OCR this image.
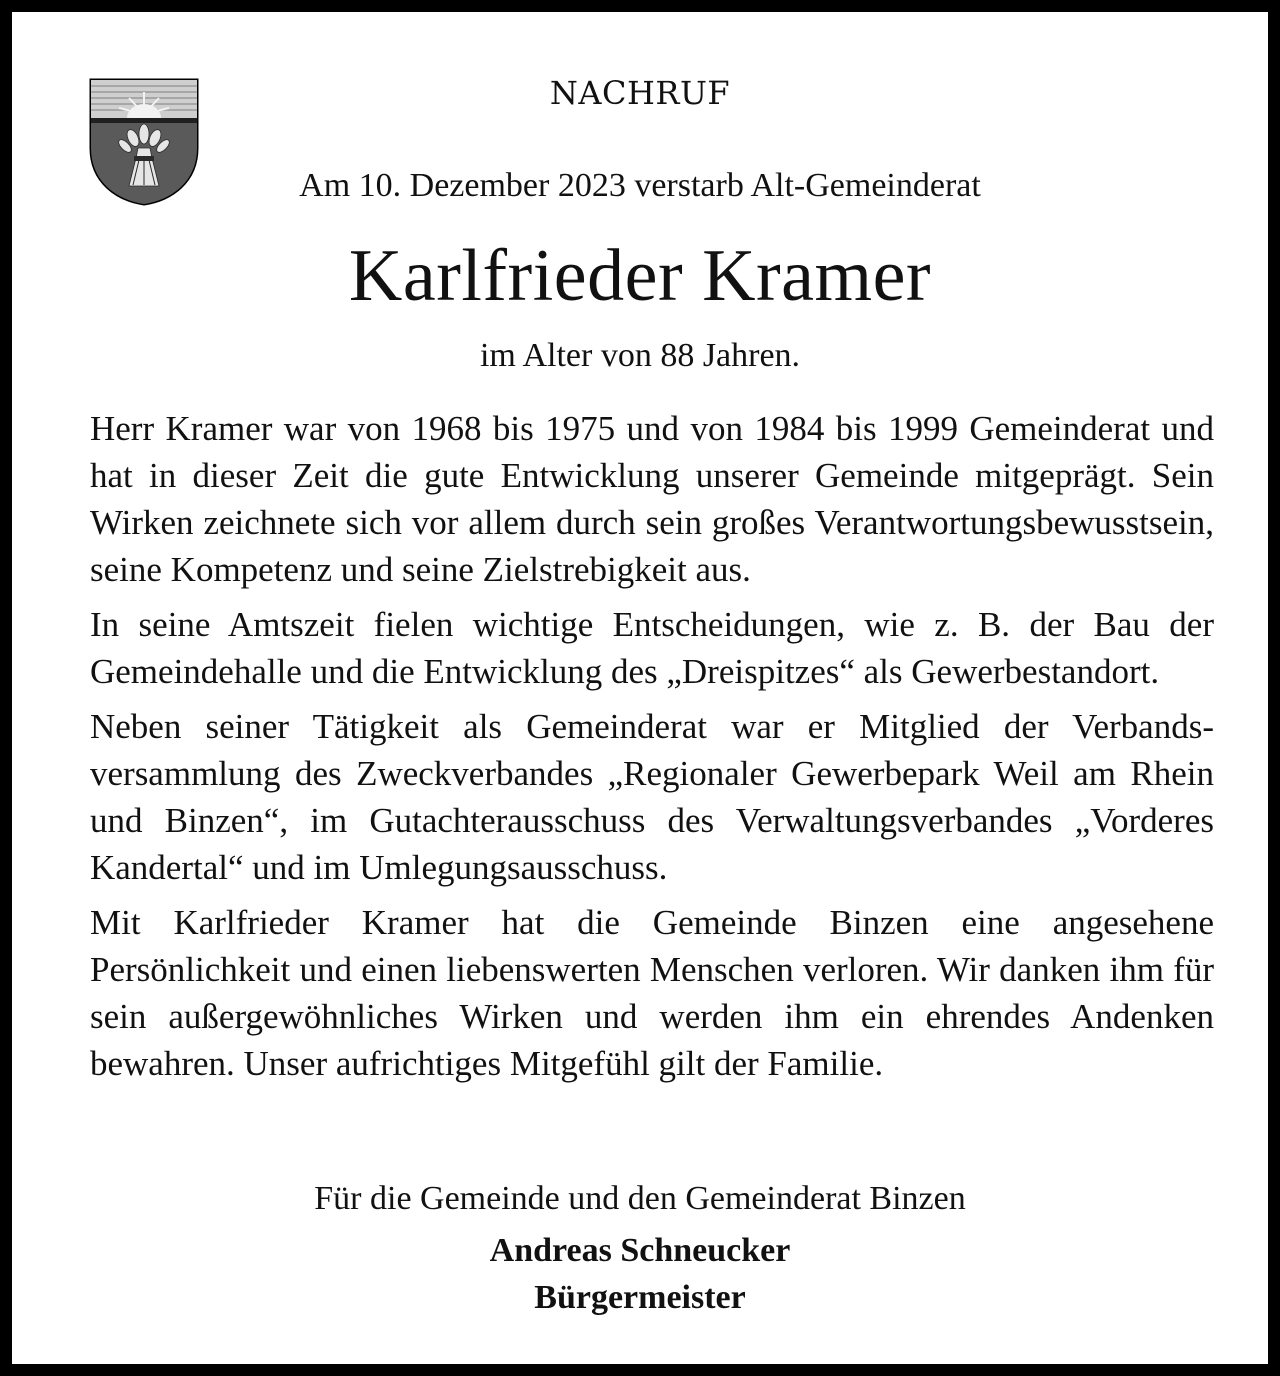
NACHRUF
Am 10. Dezember 2023 verstarb Alt-Gemeinderat
Karlfrieder Kramer
im Alter von 88 Jahren.

Herr Kramer war von 1968 bis 1975 und von 1984 bis 1999 Gemeinderat und hat in dieser Zeit die gute Entwicklung unserer Gemeinde mitgeprägt. Sein Wirken zeichnete sich vor allem durch sein großes Verantwortungsbewusstsein, seine Kompetenz und seine Zielstrebigkeit aus.

In seine Amtszeit fielen wichtige Entscheidungen, wie z. B. der Bau der Gemeindehalle und die Entwicklung des „Dreispitzes“ als Gewerbestandort.

Neben seiner Tätigkeit als Gemeinderat war er Mitglied der Verbandsversammlung des Zweckverbandes „Regionaler Gewerbepark Weil am Rhein und Binzen“, im Gutachterausschuss des Verwaltungsverbandes „Vorderes Kandertal“ und im Umlegungsausschuss.

Mit Karlfrieder Kramer hat die Gemeinde Binzen eine angesehene Persönlichkeit und einen liebenswerten Menschen verloren. Wir danken ihm für sein außergewöhnliches Wirken und werden ihm ein ehrendes Andenken bewahren. Unser aufrichtiges Mitgefühl gilt der Familie.

Für die Gemeinde und den Gemeinderat Binzen
Andreas Schneucker
Bürgermeister
